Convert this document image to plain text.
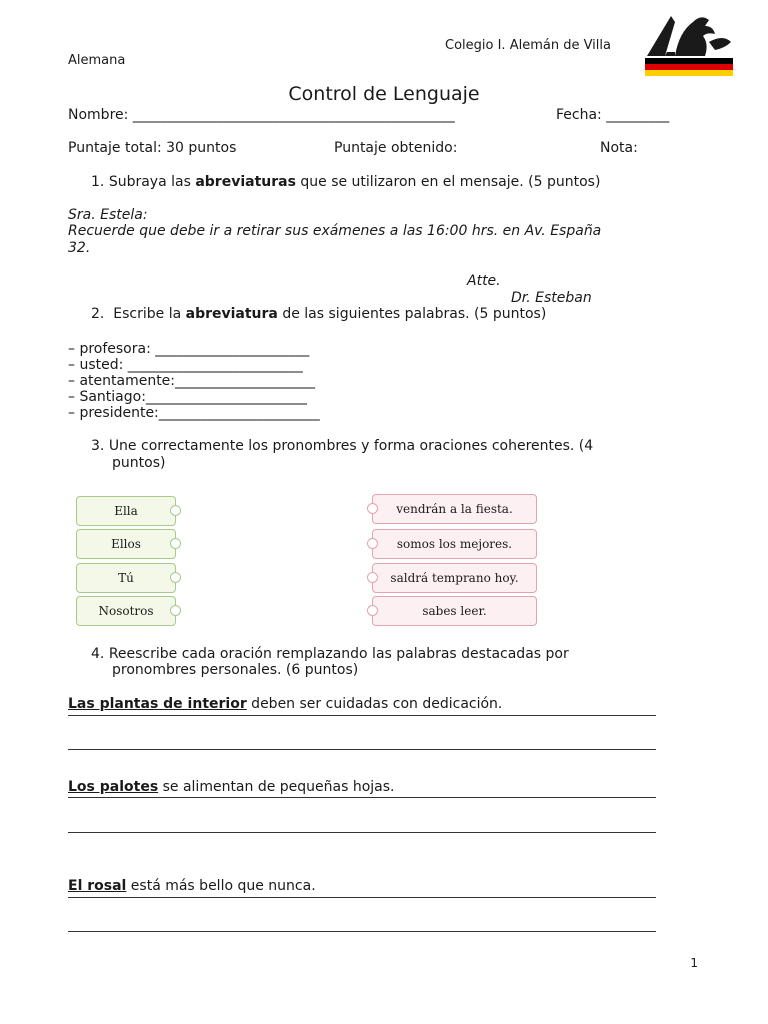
Colegio I. Alemán de Villa
Alemana
Control de Lenguaje
Nombre: ______________________________________________	Fecha: _________
Puntaje total: 30 puntos	Puntaje obtenido:	Nota:
1. Subraya las abreviaturas que se utilizaron en el mensaje. (5 puntos)
Sra. Estela:
Recuerde que debe ir a retirar sus exámenes a las 16:00 hrs. en Av. España
32.
Atte.
Dr. Esteban
2. Escribe la abreviatura de las siguientes palabras. (5 puntos)
– profesora: ______________________
– usted: _________________________
– atentamente:____________________
– Santiago:_______________________
– presidente:_______________________
3. Une correctamente los pronombres y forma oraciones coherentes. (4
puntos)
Ella
Ellos
Tú
Nosotros
vendrán a la fiesta.
somos los mejores.
saldrá temprano hoy.
sabes leer.
4. Reescribe cada oración remplazando las palabras destacadas por
pronombres personales. (6 puntos)
Las plantas de interior deben ser cuidadas con dedicación.
Los palotes se alimentan de pequeñas hojas.
El rosal está más bello que nunca.
1
